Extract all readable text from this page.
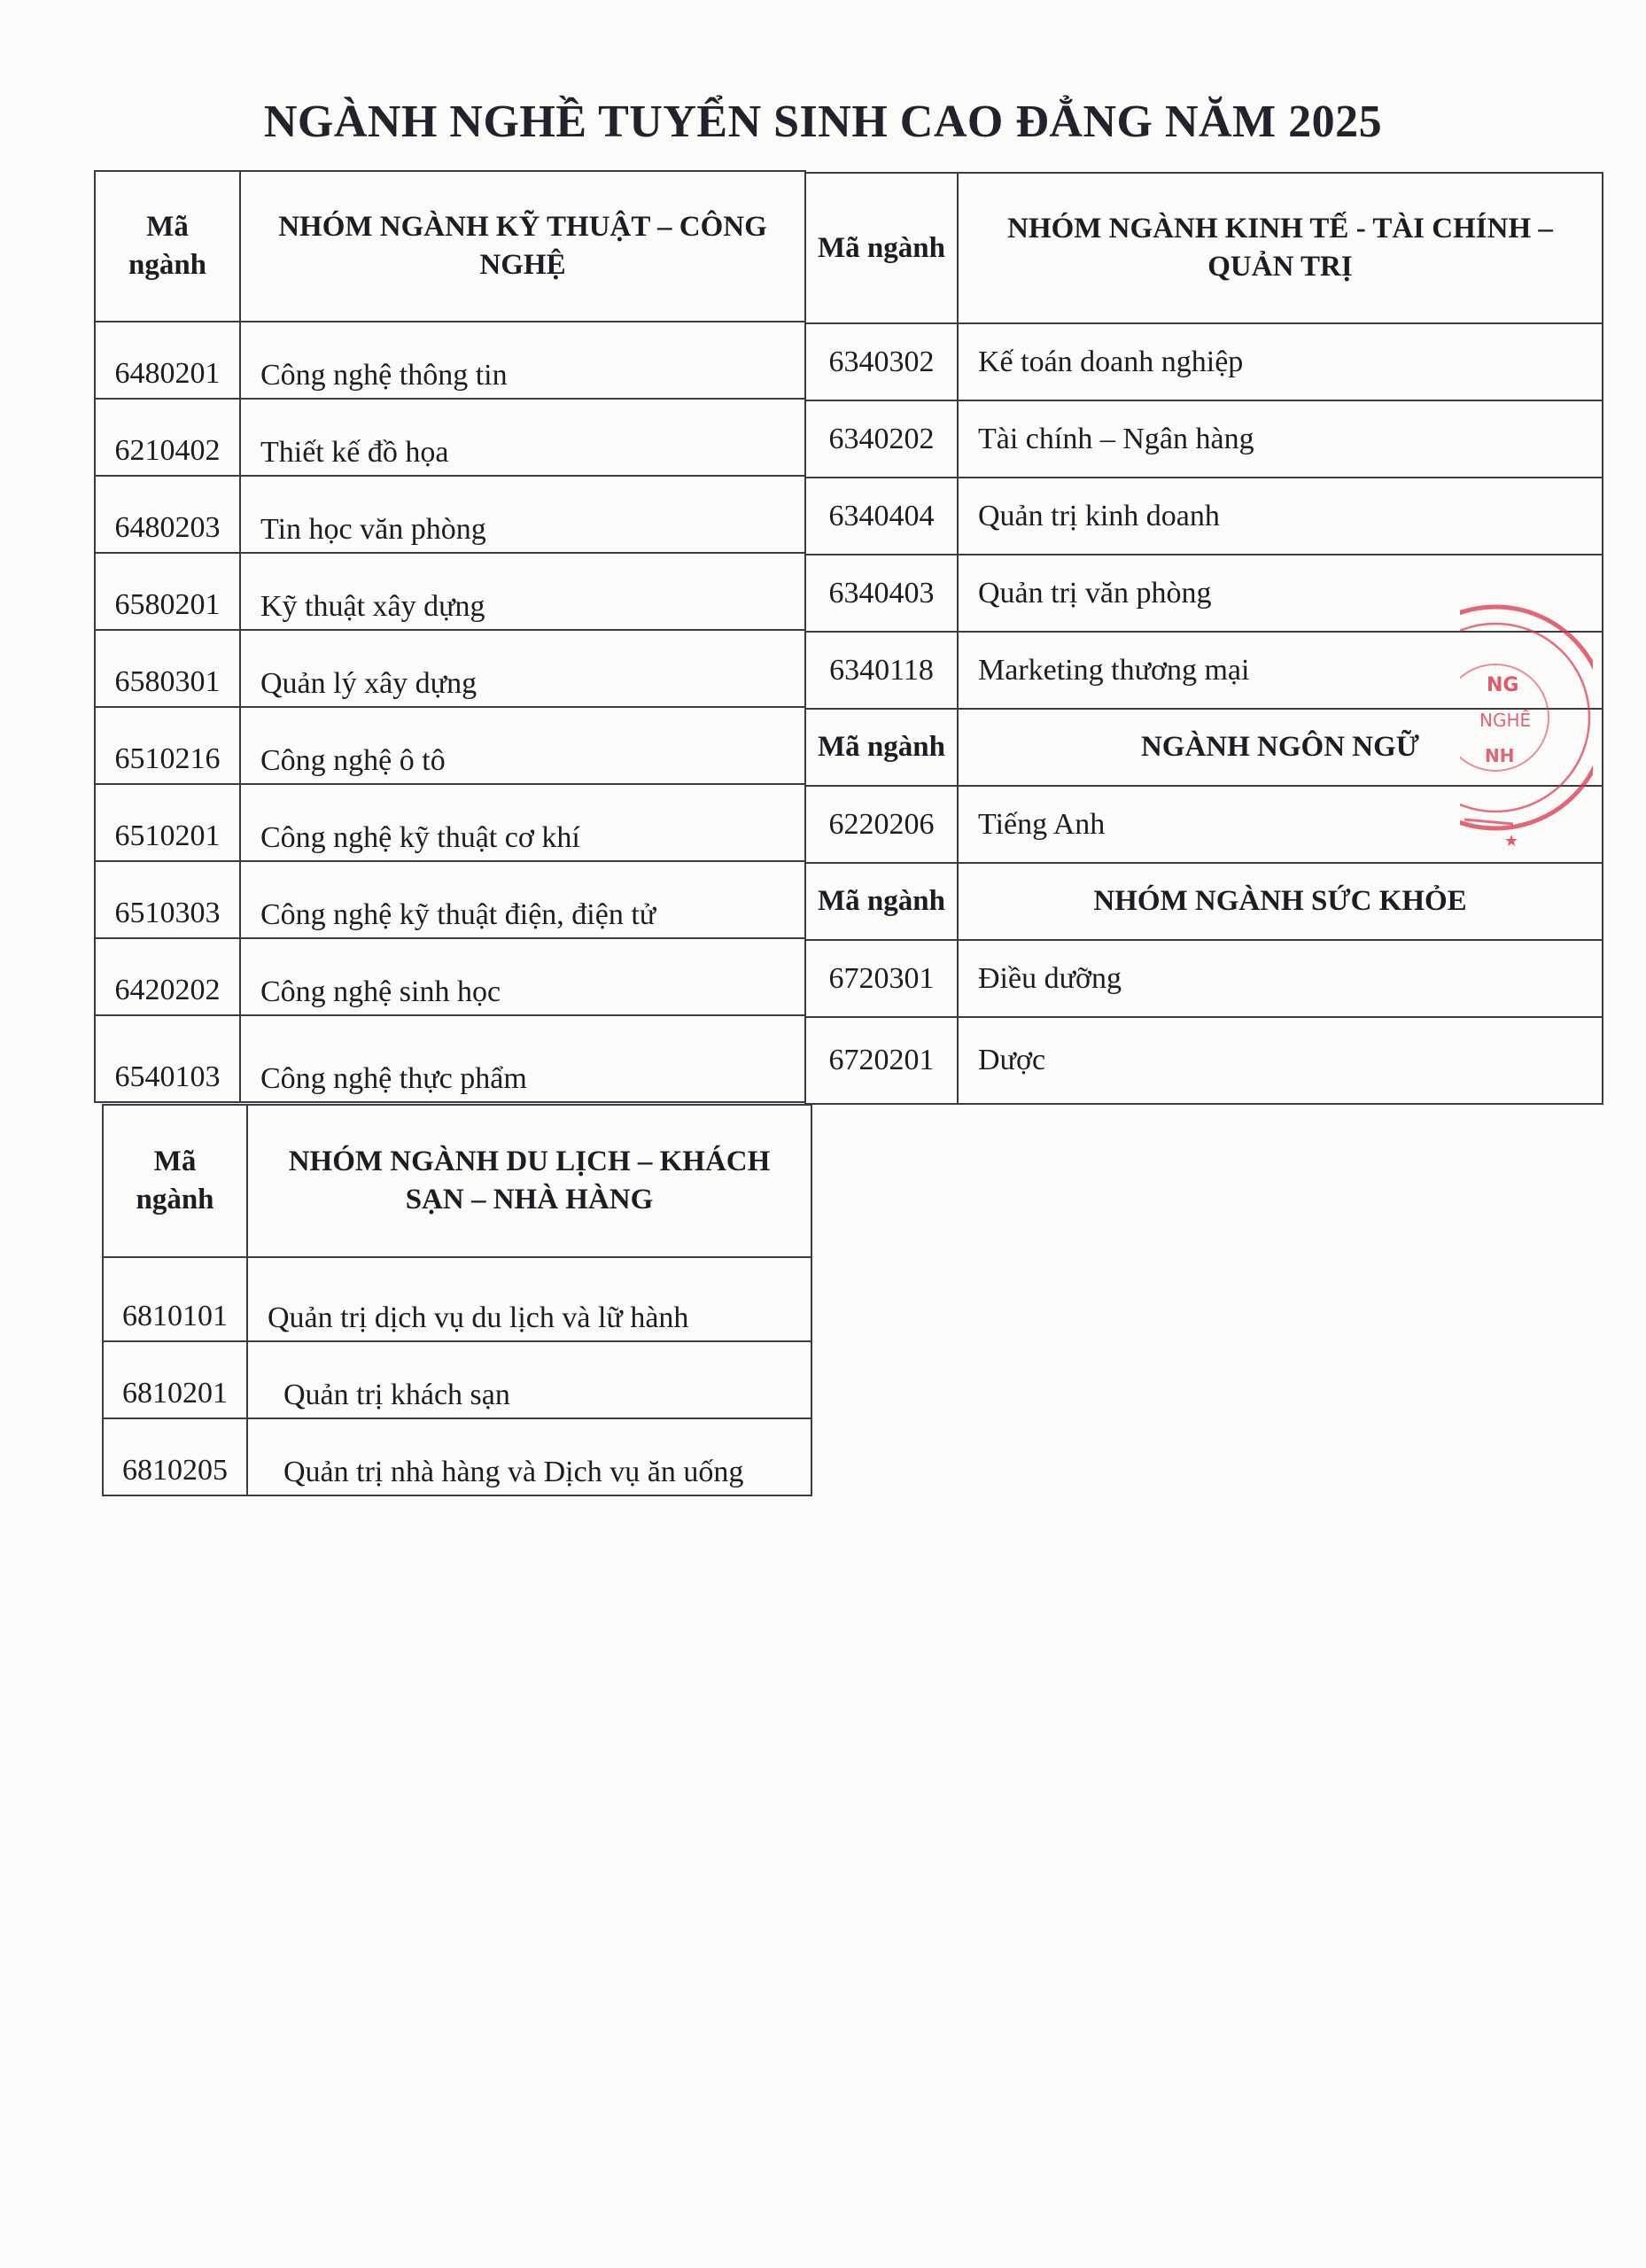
NGÀNH NGHỀ TUYỂN SINH CAO ĐẲNG NĂM 2025
Mã ngành	NHÓM NGÀNH KỸ THUẬT – CÔNG NGHỆ
6480201	Công nghệ thông tin
6210402	Thiết kế đồ họa
6480203	Tin học văn phòng
6580201	Kỹ thuật xây dựng
6580301	Quản lý xây dựng
6510216	Công nghệ ô tô
6510201	Công nghệ kỹ thuật cơ khí
6510303	Công nghệ kỹ thuật điện, điện tử
6420202	Công nghệ sinh học
6540103	Công nghệ thực phẩm
Mã ngành	NHÓM NGÀNH KINH TẾ - TÀI CHÍNH – QUẢN TRỊ
6340302	Kế toán doanh nghiệp
6340202	Tài chính – Ngân hàng
6340404	Quản trị kinh doanh
6340403	Quản trị văn phòng
6340118	Marketing thương mại
Mã ngành	NGÀNH NGÔN NGỮ
6220206	Tiếng Anh
Mã ngành	NHÓM NGÀNH SỨC KHỎE
6720301	Điều dưỡng
6720201	Dược
Mã ngành	NHÓM NGÀNH DU LỊCH – KHÁCH SẠN – NHÀ HÀNG
6810101	Quản trị dịch vụ du lịch và lữ hành
6810201	Quản trị khách sạn
6810205	Quản trị nhà hàng và Dịch vụ ăn uống
NG
NGHỀ
NH
★
